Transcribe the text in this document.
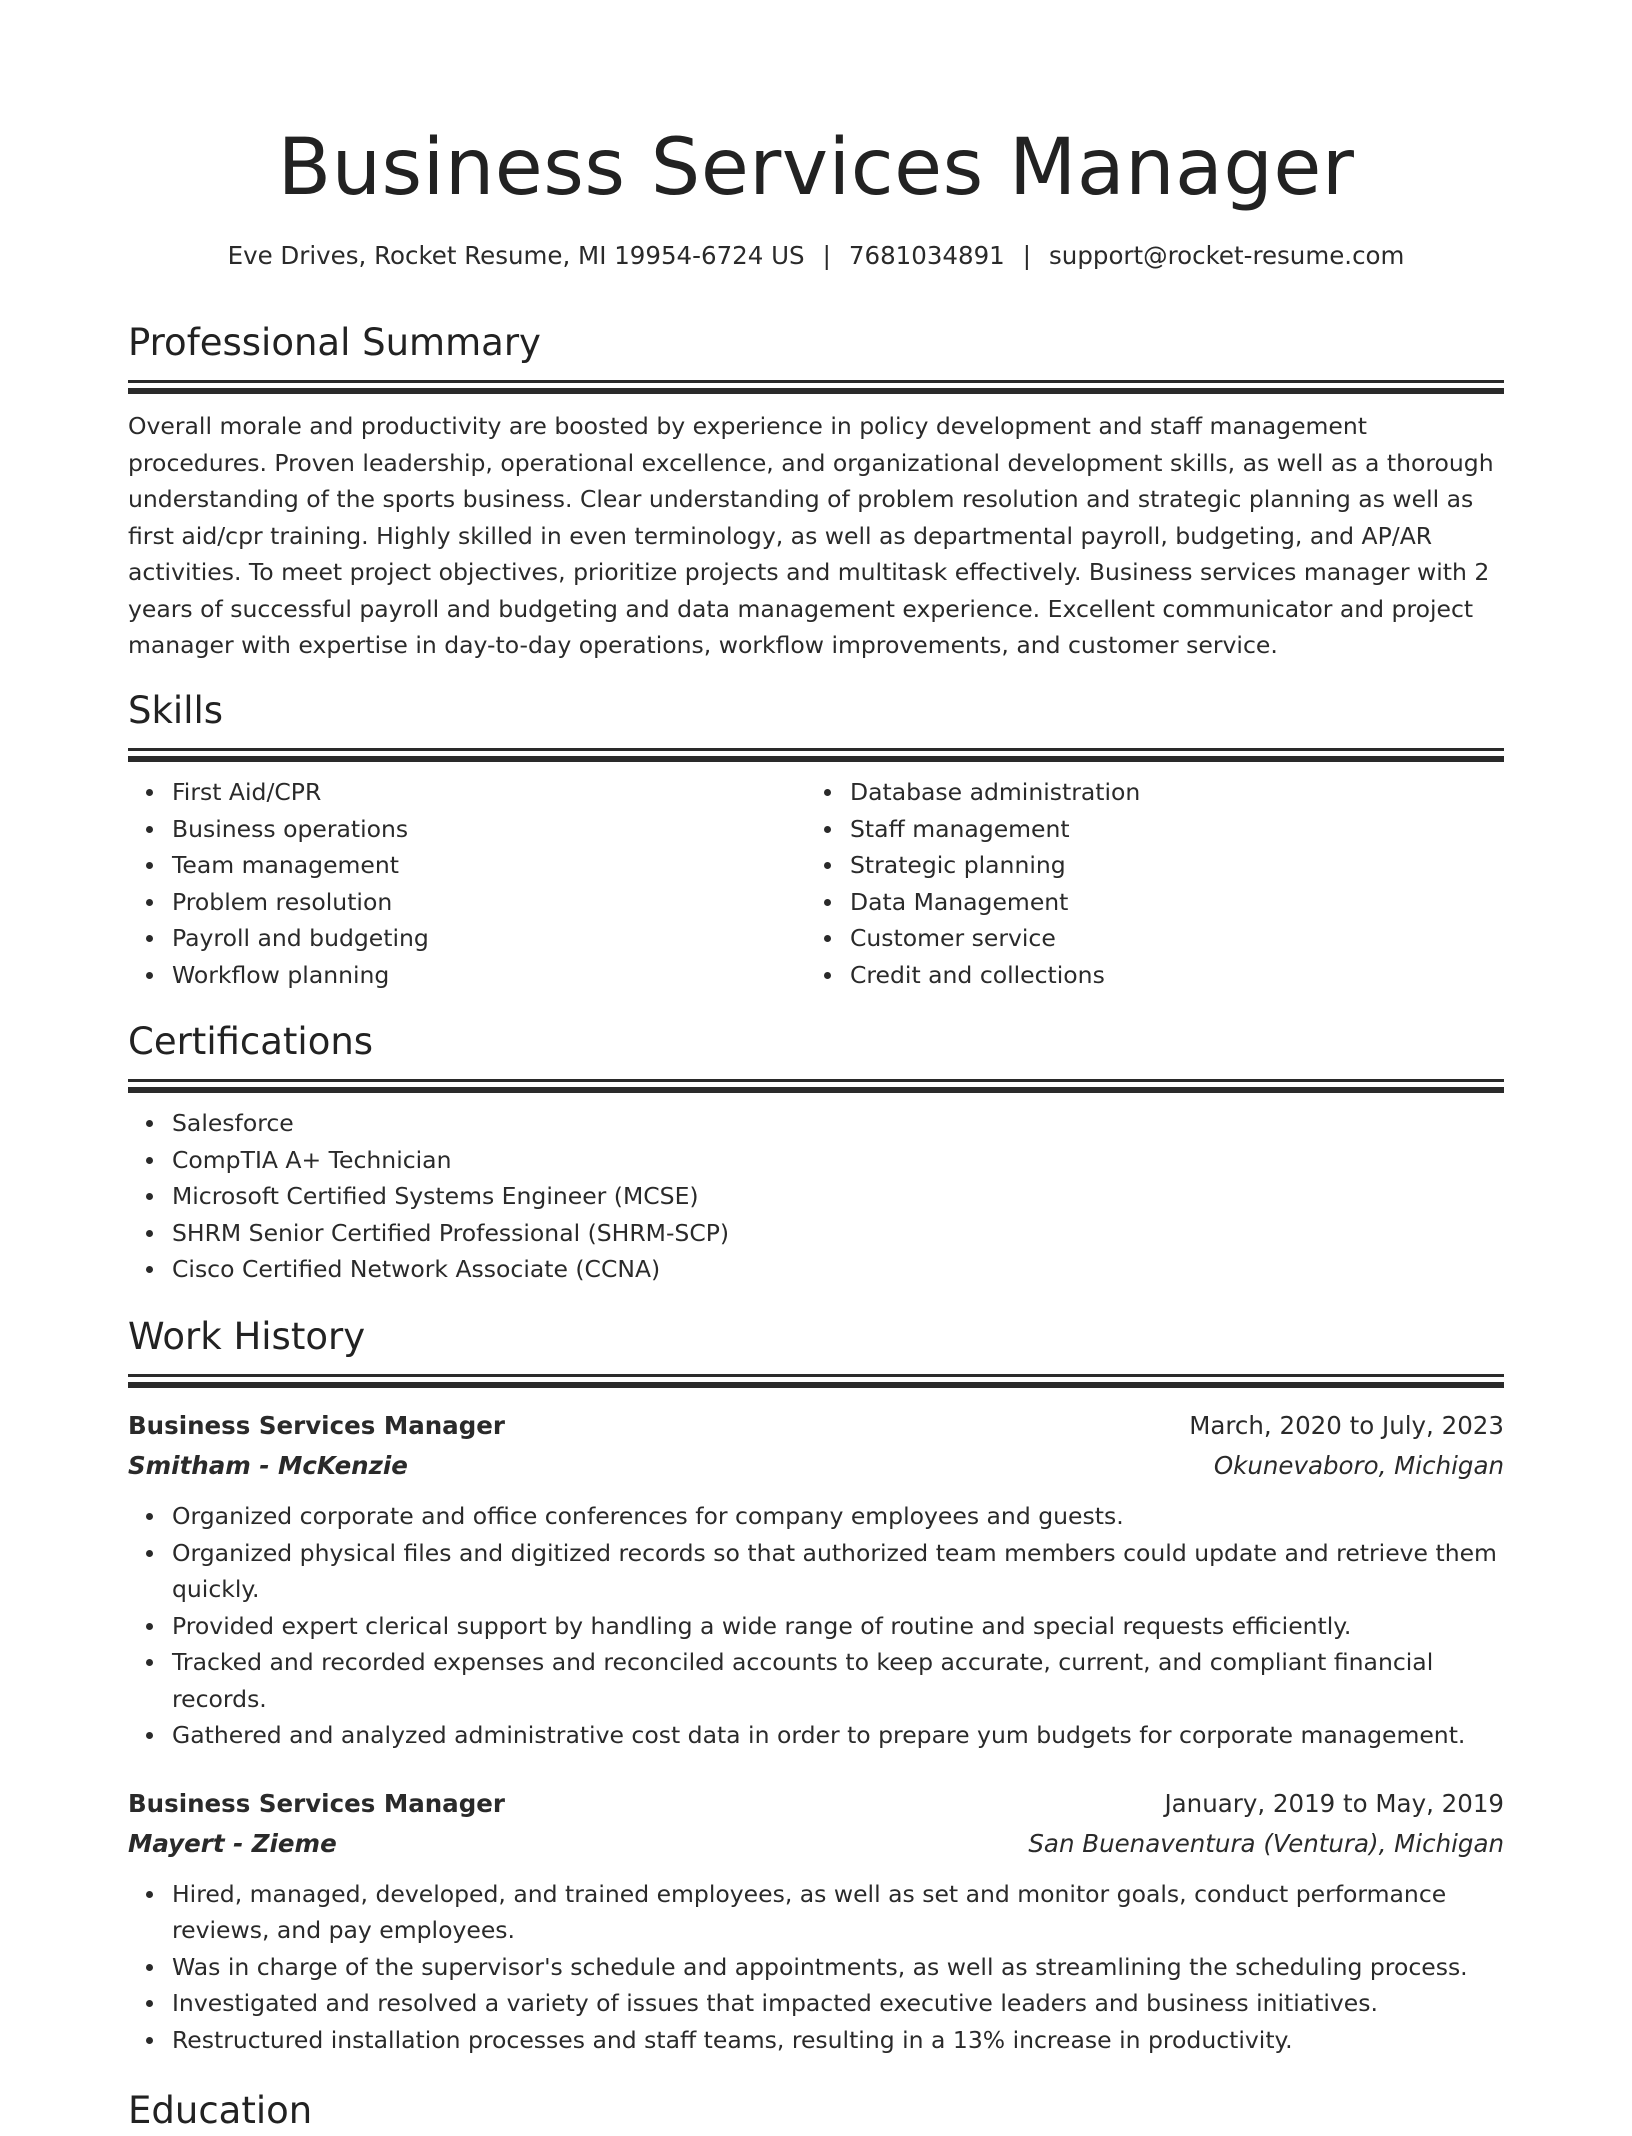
Business Services Manager
Eve Drives, Rocket Resume, MI 19954-6724 US | 7681034891 | support@rocket-resume.com
Professional Summary

Overall morale and productivity are boosted by experience in policy development and staff management procedures. Proven leadership, operational excellence, and organizational development skills, as well as a thorough understanding of the sports business. Clear understanding of problem resolution and strategic planning as well as first aid/cpr training. Highly skilled in even terminology, as well as departmental payroll, budgeting, and AP/AR activities. To meet project objectives, prioritize projects and multitask effectively. Business services manager with 2 years of successful payroll and budgeting and data management experience. Excellent communicator and project manager with expertise in day-to-day operations, workflow improvements, and customer service.

Skills
First Aid/CPR
Business operations
Team management
Problem resolution
Payroll and budgeting
Workflow planning
Database administration
Staff management
Strategic planning
Data Management
Customer service
Credit and collections
Certifications
Salesforce
CompTIA A+ Technician
Microsoft Certified Systems Engineer (MCSE)
SHRM Senior Certified Professional (SHRM-SCP)
Cisco Certified Network Associate (CCNA)
Work History
Business Services Manager	March, 2020 to July, 2023
Smitham - McKenzie	Okunevaboro, Michigan
Organized corporate and office conferences for company employees and guests.
Organized physical files and digitized records so that authorized team members could update and retrieve them quickly.
Provided expert clerical support by handling a wide range of routine and special requests efficiently.
Tracked and recorded expenses and reconciled accounts to keep accurate, current, and compliant financial records.
Gathered and analyzed administrative cost data in order to prepare yum budgets for corporate management.
Business Services Manager	January, 2019 to May, 2019
Mayert - Zieme	San Buenaventura (Ventura), Michigan
Hired, managed, developed, and trained employees, as well as set and monitor goals, conduct performance reviews, and pay employees.
Was in charge of the supervisor's schedule and appointments, as well as streamlining the scheduling process.
Investigated and resolved a variety of issues that impacted executive leaders and business initiatives.
Restructured installation processes and staff teams, resulting in a 13% increase in productivity.
Education
